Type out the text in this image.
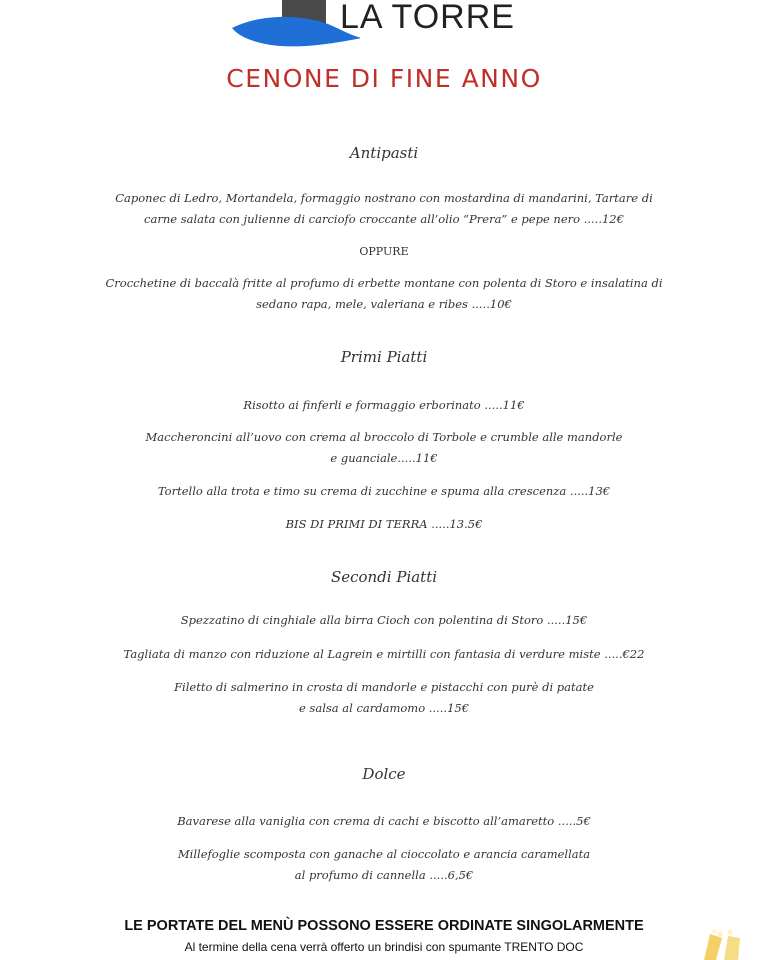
LA TORRE
CENONE DI FINE ANNO
Antipasti
Caponec di Ledro, Mortandela, formaggio nostrano con mostardina di mandarini, Tartare di
carne salata con julienne di carciofo croccante all’olio “Prera” e pepe nero .....12€
OPPURE
Crocchetine di baccalà fritte al profumo di erbette montane con polenta di Storo e insalatina di
sedano rapa, mele, valeriana e ribes .....10€
Primi Piatti
Risotto ai finferli e formaggio erborinato .....11€
Maccheroncini all’uovo con crema al broccolo di Torbole e crumble alle mandorle
e guanciale.....11€
Tortello alla trota e timo su crema di zucchine e spuma alla crescenza .....13€
BIS DI PRIMI DI TERRA .....13.5€
Secondi Piatti
Spezzatino di cinghiale alla birra Cioch con polentina di Storo .....15€
Tagliata di manzo con riduzione al Lagrein e mirtilli con fantasia di verdure miste .....€22
Filetto di salmerino in crosta di mandorle e pistacchi con purè di patate
e salsa al cardamomo .....15€
Dolce
Bavarese alla vaniglia con crema di cachi e biscotto all’amaretto .....5€
Millefoglie scomposta con ganache al cioccolato e arancia caramellata
al profumo di cannella .....6,5€
LE PORTATE DEL MENÙ POSSONO ESSERE ORDINATE SINGOLARMENTE
Al termine della cena verrà offerto un brindisi con spumante TRENTO DOC
